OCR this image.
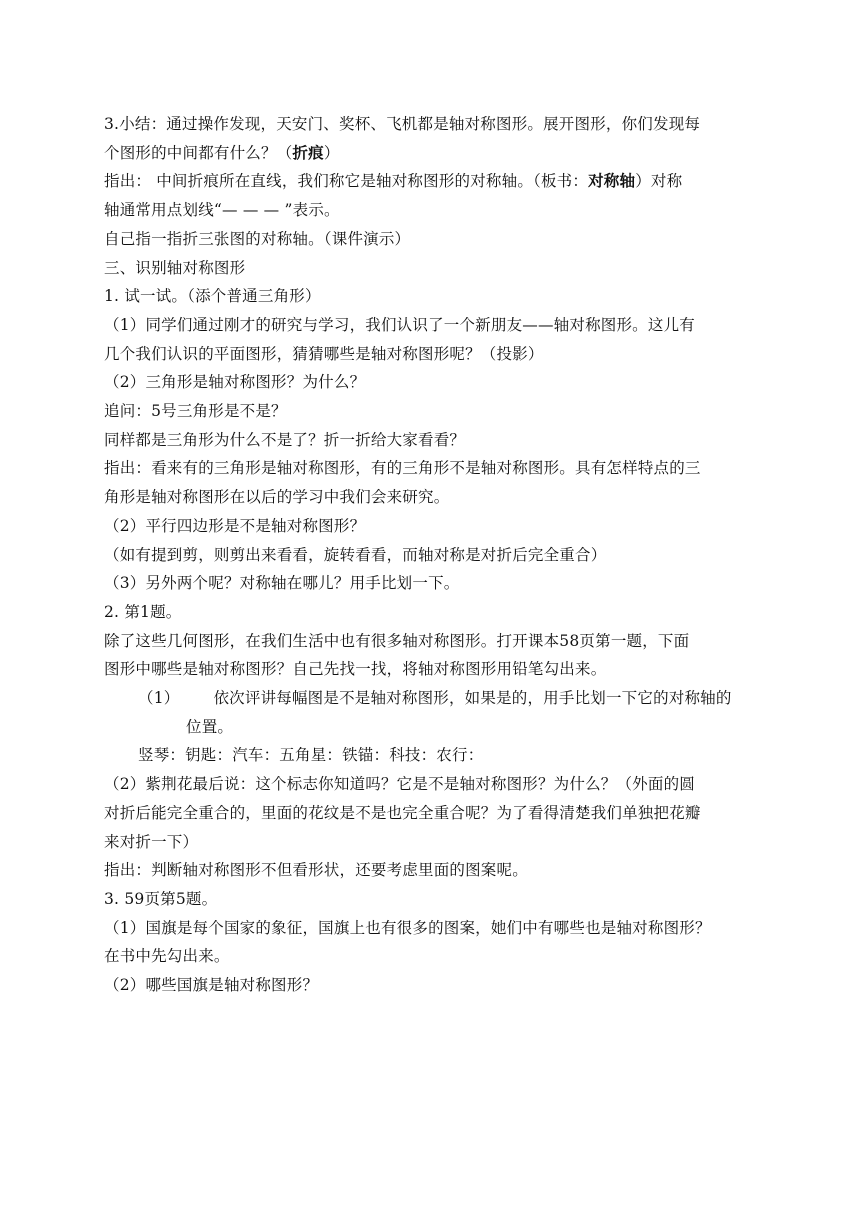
3.小结：通过操作发现，天安门、奖杯、飞机都是轴对称图形。展开图形，你们发现每
个图形的中间都有什么？（折痕）
指出： 中间折痕所在直线，我们称它是轴对称图形的对称轴。（板书：对称轴）对称
轴通常用点划线“— — — ”表示。
自己指一指折三张图的对称轴。（课件演示）
三、识别轴对称图形
1. 试一试。（添个普通三角形）
（1）同学们通过刚才的研究与学习，我们认识了一个新朋友——轴对称图形。这儿有
几个我们认识的平面图形，猜猜哪些是轴对称图形呢？（投影）
（2）三角形是轴对称图形？为什么？
追问：5号三角形是不是？
同样都是三角形为什么不是了？折一折给大家看看？
指出：看来有的三角形是轴对称图形，有的三角形不是轴对称图形。具有怎样特点的三
角形是轴对称图形在以后的学习中我们会来研究。
（2）平行四边形是不是轴对称图形？
（如有提到剪，则剪出来看看，旋转看看，而轴对称是对折后完全重合）
（3）另外两个呢？对称轴在哪儿？用手比划一下。
2. 第1题。
除了这些几何图形，在我们生活中也有很多轴对称图形。打开课本58页第一题，下面
图形中哪些是轴对称图形？自己先找一找，将轴对称图形用铅笔勾出来。
（1） 依次评讲每幅图是不是轴对称图形，如果是的，用手比划一下它的对称轴的
位置。
竖琴：钥匙：汽车：五角星：铁锚：科技：农行：
（2）紫荆花最后说：这个标志你知道吗？它是不是轴对称图形？为什么？（外面的圆
对折后能完全重合的，里面的花纹是不是也完全重合呢？为了看得清楚我们单独把花瓣
来对折一下）
指出：判断轴对称图形不但看形状，还要考虑里面的图案呢。
3. 59页第5题。
（1）国旗是每个国家的象征，国旗上也有很多的图案，她们中有哪些也是轴对称图形？
在书中先勾出来。
（2）哪些国旗是轴对称图形？
